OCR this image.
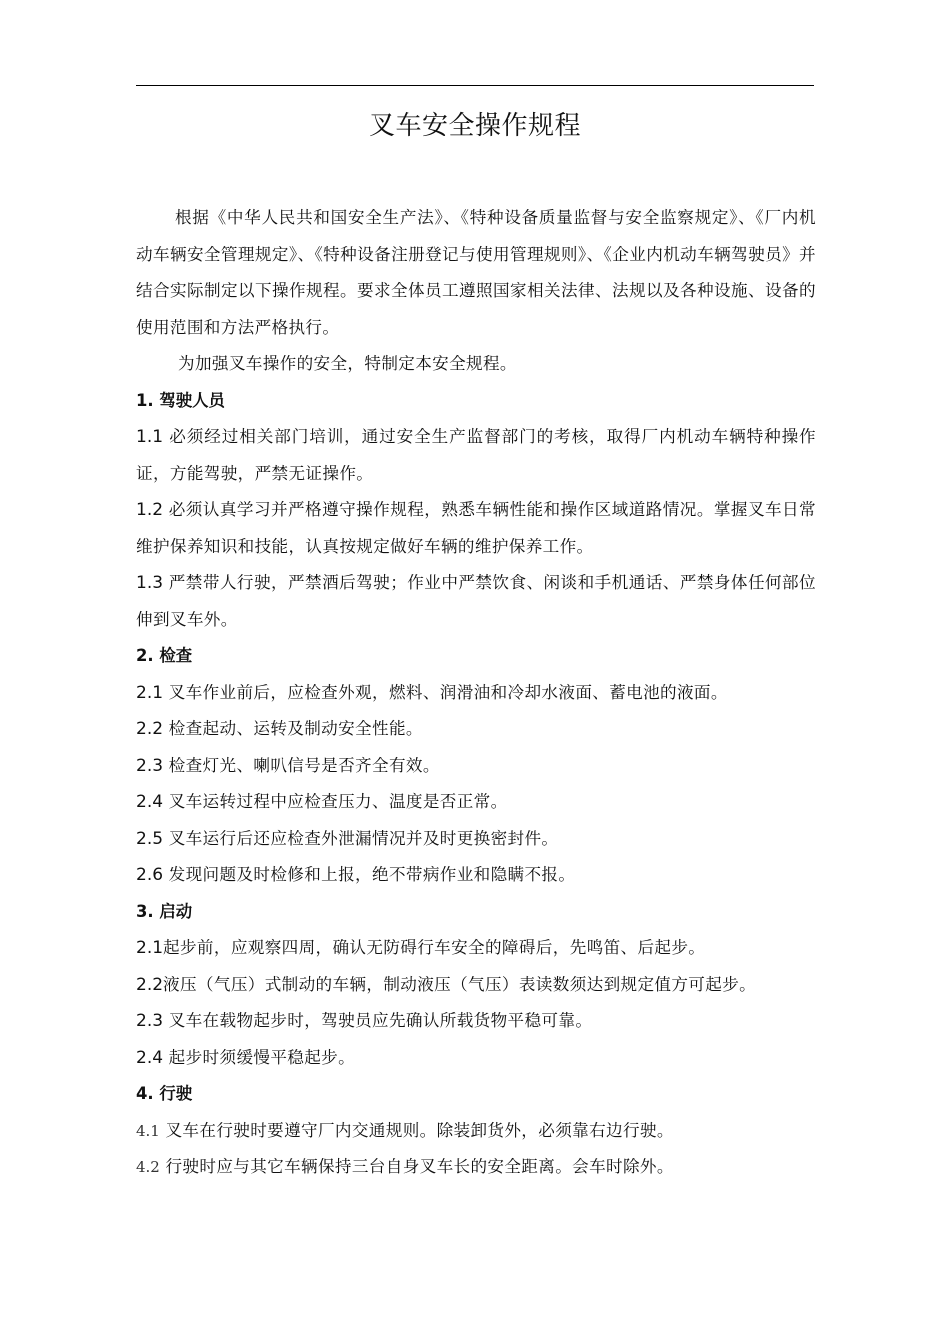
叉车安全操作规程

根据《中华人民共和国安全生产法》、《特种设备质量监督与安全监察规定》、《厂内机动车辆安全管理规定》、《特种设备注册登记与使用管理规则》、《企业内机动车辆驾驶员》并结合实际制定以下操作规程。要求全体员工遵照国家相关法律、法规以及各种设施、设备的使用范围和方法严格执行。

为加强叉车操作的安全，特制定本安全规程。

1. 驾驶人员

1.1 必须经过相关部门培训，通过安全生产监督部门的考核，取得厂内机动车辆特种操作证，方能驾驶，严禁无证操作。

1.2 必须认真学习并严格遵守操作规程，熟悉车辆性能和操作区域道路情况。掌握叉车日常维护保养知识和技能，认真按规定做好车辆的维护保养工作。

1.3 严禁带人行驶，严禁酒后驾驶；作业中严禁饮食、闲谈和手机通话、严禁身体任何部位伸到叉车外。

2. 检查

2.1 叉车作业前后，应检查外观，燃料、润滑油和冷却水液面、蓄电池的液面。

2.2 检查起动、运转及制动安全性能。

2.3 检查灯光、喇叭信号是否齐全有效。

2.4 叉车运转过程中应检查压力、温度是否正常。

2.5 叉车运行后还应检查外泄漏情况并及时更换密封件。

2.6 发现问题及时检修和上报，绝不带病作业和隐瞒不报。

3. 启动

2.1起步前，应观察四周，确认无防碍行车安全的障碍后，先鸣笛、后起步。

2.2液压（气压）式制动的车辆，制动液压（气压）表读数须达到规定值方可起步。

2.3 叉车在载物起步时，驾驶员应先确认所载货物平稳可靠。

2.4 起步时须缓慢平稳起步。

4. 行驶

4.1 叉车在行驶时要遵守厂内交通规则。除装卸货外，必须靠右边行驶。

4.2 行驶时应与其它车辆保持三台自身叉车长的安全距离。会车时除外。
